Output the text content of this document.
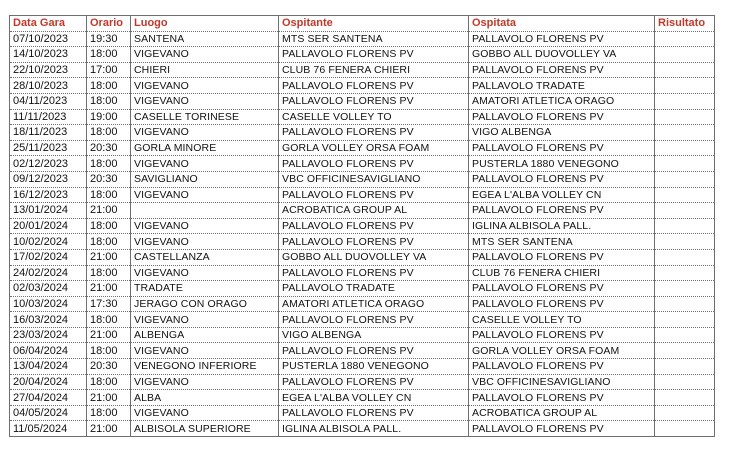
Data Gara	Orario	Luogo	Ospitante	Ospitata	Risultato
07/10/2023	19:30	SANTENA	MTS SER SANTENA	PALLAVOLO FLORENS PV	
14/10/2023	18:00	VIGEVANO	PALLAVOLO FLORENS PV	GOBBO ALL DUOVOLLEY VA	
22/10/2023	17:00	CHIERI	CLUB 76 FENERA CHIERI	PALLAVOLO FLORENS PV	
28/10/2023	18:00	VIGEVANO	PALLAVOLO FLORENS PV	PALLAVOLO TRADATE	
04/11/2023	18:00	VIGEVANO	PALLAVOLO FLORENS PV	AMATORI ATLETICA ORAGO	
11/11/2023	19:00	CASELLE TORINESE	CASELLE VOLLEY TO	PALLAVOLO FLORENS PV	
18/11/2023	18:00	VIGEVANO	PALLAVOLO FLORENS PV	VIGO ALBENGA	
25/11/2023	20:30	GORLA MINORE	GORLA VOLLEY ORSA FOAM	PALLAVOLO FLORENS PV	
02/12/2023	18:00	VIGEVANO	PALLAVOLO FLORENS PV	PUSTERLA 1880 VENEGONO	
09/12/2023	20:30	SAVIGLIANO	VBC OFFICINESAVIGLIANO	PALLAVOLO FLORENS PV	
16/12/2023	18:00	VIGEVANO	PALLAVOLO FLORENS PV	EGEA L'ALBA VOLLEY CN	
13/01/2024	21:00		ACROBATICA GROUP AL	PALLAVOLO FLORENS PV	
20/01/2024	18:00	VIGEVANO	PALLAVOLO FLORENS PV	IGLINA ALBISOLA PALL.	
10/02/2024	18:00	VIGEVANO	PALLAVOLO FLORENS PV	MTS SER SANTENA	
17/02/2024	21:00	CASTELLANZA	GOBBO ALL DUOVOLLEY VA	PALLAVOLO FLORENS PV	
24/02/2024	18:00	VIGEVANO	PALLAVOLO FLORENS PV	CLUB 76 FENERA CHIERI	
02/03/2024	21:00	TRADATE	PALLAVOLO TRADATE	PALLAVOLO FLORENS PV	
10/03/2024	17:30	JERAGO CON ORAGO	AMATORI ATLETICA ORAGO	PALLAVOLO FLORENS PV	
16/03/2024	18:00	VIGEVANO	PALLAVOLO FLORENS PV	CASELLE VOLLEY TO	
23/03/2024	21:00	ALBENGA	VIGO ALBENGA	PALLAVOLO FLORENS PV	
06/04/2024	18:00	VIGEVANO	PALLAVOLO FLORENS PV	GORLA VOLLEY ORSA FOAM	
13/04/2024	20:30	VENEGONO INFERIORE	PUSTERLA 1880 VENEGONO	PALLAVOLO FLORENS PV	
20/04/2024	18:00	VIGEVANO	PALLAVOLO FLORENS PV	VBC OFFICINESAVIGLIANO	
27/04/2024	21:00	ALBA	EGEA L'ALBA VOLLEY CN	PALLAVOLO FLORENS PV	
04/05/2024	18:00	VIGEVANO	PALLAVOLO FLORENS PV	ACROBATICA GROUP AL	
11/05/2024	21:00	ALBISOLA SUPERIORE	IGLINA ALBISOLA PALL.	PALLAVOLO FLORENS PV	
